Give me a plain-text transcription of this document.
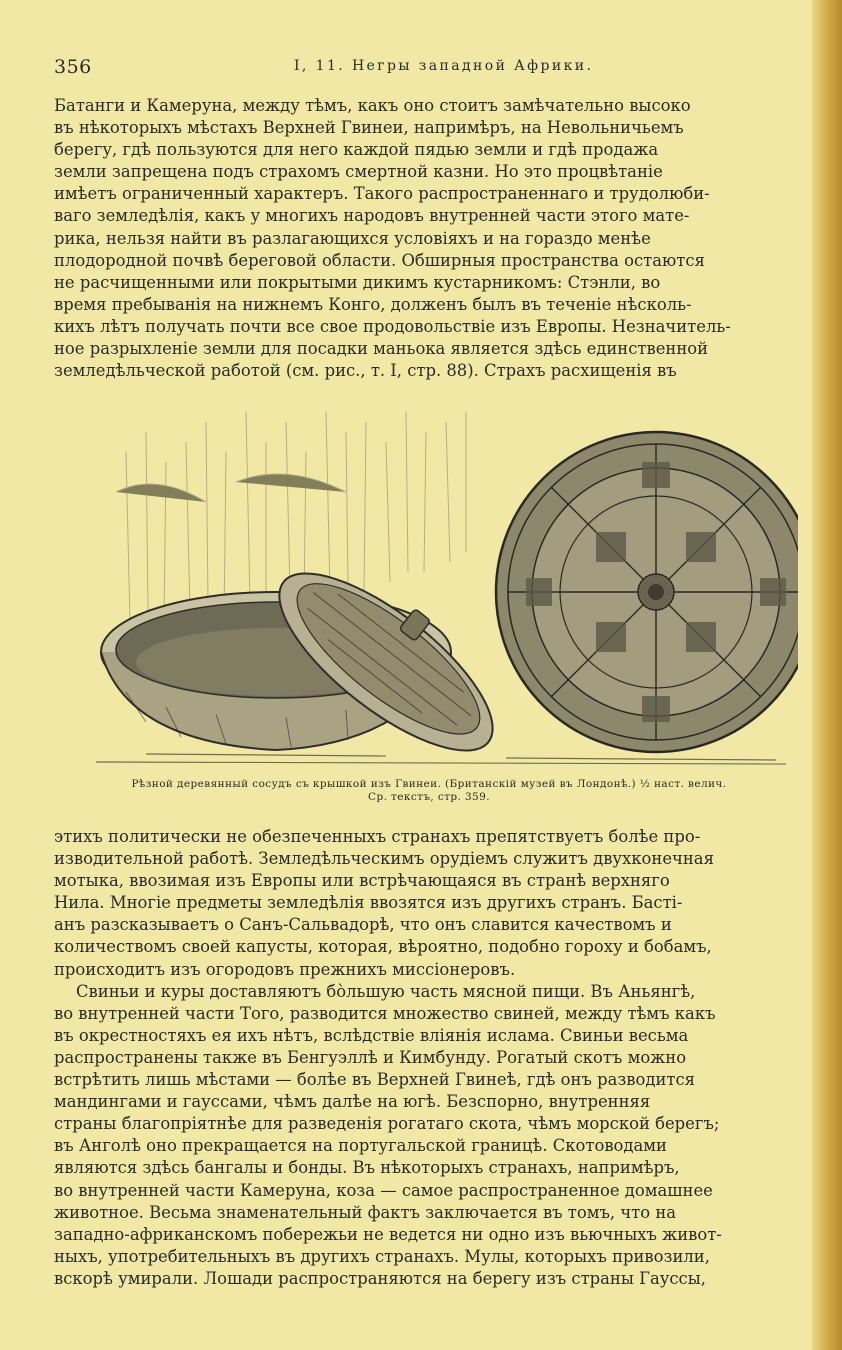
356	I, 11. Негры западной Африки.

Батанги и Камеруна, между тѣмъ, какъ оно стоитъ замѣчательно высоко
въ нѣкоторыхъ мѣстахъ Верхней Гвинеи, напримѣръ, на Невольничьемъ
берегу, гдѣ пользуются для него каждой пядью земли и гдѣ продажа
земли запрещена подъ страхомъ смертной казни. Но это процвѣтаніе
имѣетъ ограниченный характеръ. Такого распространеннаго и трудолюби-
ваго земледѣлія, какъ у многихъ народовъ внутренней части этого мате-
рика, нельзя найти въ разлагающихся условіяхъ и на гораздо менѣе
плодородной почвѣ береговой области. Обширныя пространства остаются
не расчищенными или покрытыми дикимъ кустарникомъ: Стэнли, во
время пребыванія на нижнемъ Конго, долженъ былъ въ теченіе нѣсколь-
кихъ лѣтъ получать почти все свое продовольствіе изъ Европы. Незначитель-
ное разрыхленіе земли для посадки маньока является здѣсь единственной
земледѣльческой работой (см. рис., т. I, стр. 88). Страхъ расхищенія въ

Рѣзной деревянный сосудъ съ крышкой изъ Гвинеи. (Британскій музей въ Лондонѣ.) ½ наст. велич.
Ср. текстъ, стр. 359.

этихъ политически не обезпеченныхъ странахъ препятствуетъ болѣе про-
изводительной работѣ. Земледѣльческимъ орудіемъ служитъ двухконечная
мотыка, ввозимая изъ Европы или встрѣчающаяся въ странѣ верхняго
Нила. Многіе предметы земледѣлія ввозятся изъ другихъ странъ. Басті-
анъ разсказываетъ о Санъ-Сальвадорѣ, что онъ славится качествомъ и
количествомъ своей капусты, которая, вѣроятно, подобно гороху и бобамъ,
происходитъ изъ огородовъ прежнихъ миссіонеровъ.

Свиньи и куры доставляютъ бо̀льшую часть мясной пищи. Въ Аньянгѣ,
во внутренней части Того, разводится множество свиней, между тѣмъ какъ
въ окрестностяхъ ея ихъ нѣтъ, вслѣдствіе вліянія ислама. Свиньи весьма
распространены также въ Бенгуэллѣ и Кимбунду. Рогатый скотъ можно
встрѣтить лишь мѣстами — болѣе въ Верхней Гвинеѣ, гдѣ онъ разводится
мандингами и гауссами, чѣмъ далѣе на югѣ. Безспорно, внутренняя
страны благопріятнѣе для разведенія рогатаго скота, чѣмъ морской берегъ;
въ Анголѣ оно прекращается на португальской границѣ. Скотоводами
являются здѣсь бангалы и бонды. Въ нѣкоторыхъ странахъ, напримѣръ,
во внутренней части Камеруна, коза — самое распространенное домашнее
животное. Весьма знаменательный фактъ заключается въ томъ, что на
западно-африканскомъ побережьи не ведется ни одно изъ вьючныхъ живот-
ныхъ, употребительныхъ въ другихъ странахъ. Мулы, которыхъ привозили,
вскорѣ умирали. Лошади распространяются на берегу изъ страны Гауссы,
